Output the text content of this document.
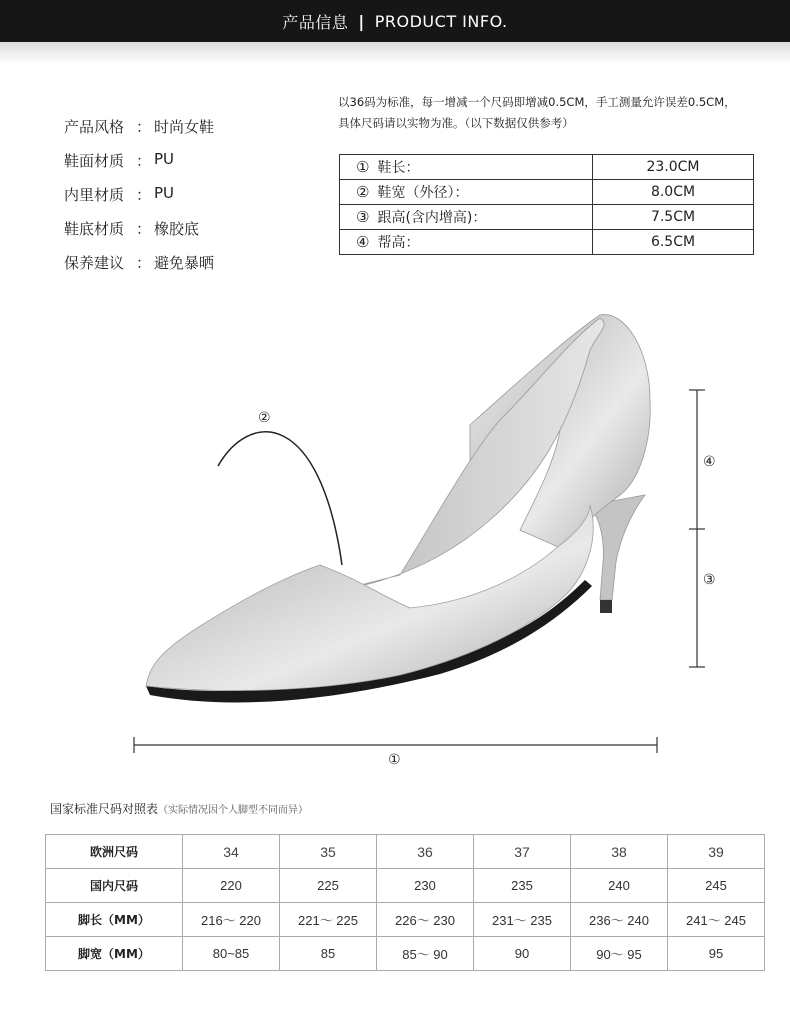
产品信息 | PRODUCT INFO.
产品风格 ： 时尚女鞋
鞋面材质 ： PU
内里材质 ： PU
鞋底材质 ： 橡胶底
保养建议 ： 避免暴晒
以36码为标准，每一增减一个尺码即增减0.5CM，手工测量允许误差0.5CM，
具体尺码请以实物为准。（以下数据仅供参考）
① 鞋长：	23.0CM
② 鞋宽（外径）：	8.0CM
③ 跟高(含内增高)：	7.5CM
④ 帮高：	6.5CM
②
④
③
①
国家标准尺码对照表（实际情况因个人脚型不同而异）
欧洲尺码	34	35	36	37	38	39
国内尺码	220	225	230	235	240	245
脚长（MM）	216～ 220	221～ 225	226～ 230	231～ 235	236～ 240	241～ 245
脚宽（MM）	80~85	85	85～ 90	90	90～ 95	95
